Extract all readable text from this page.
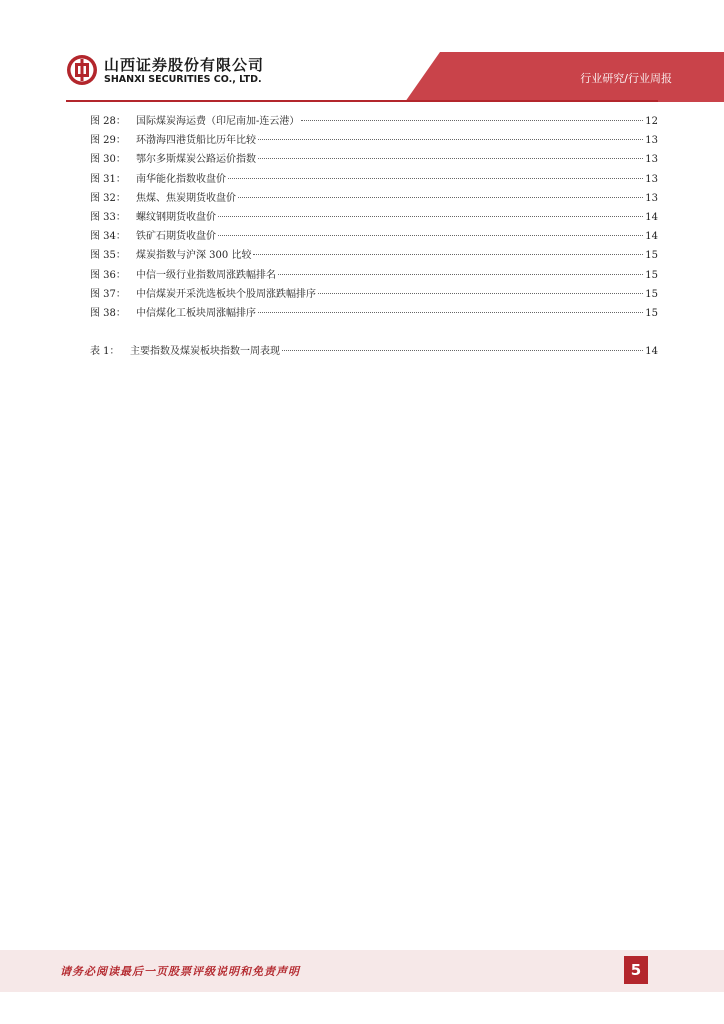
山西证券股份有限公司
SHANXI SECURITIES CO., LTD.	行业研究/行业周报
图 28：	国际煤炭海运费（印尼南加-连云港）	12
图 29：	环渤海四港货船比历年比较	13
图 30：	鄂尔多斯煤炭公路运价指数	13
图 31：	南华能化指数收盘价	13
图 32：	焦煤、焦炭期货收盘价	13
图 33：	螺纹钢期货收盘价	14
图 34：	铁矿石期货收盘价	14
图 35：	煤炭指数与沪深 300 比较	15
图 36：	中信一级行业指数周涨跌幅排名	15
图 37：	中信煤炭开采洗选板块个股周涨跌幅排序	15
图 38：	中信煤化工板块周涨幅排序	15
表 1：	主要指数及煤炭板块指数一周表现	14
请务必阅读最后一页股票评级说明和免责声明	5
